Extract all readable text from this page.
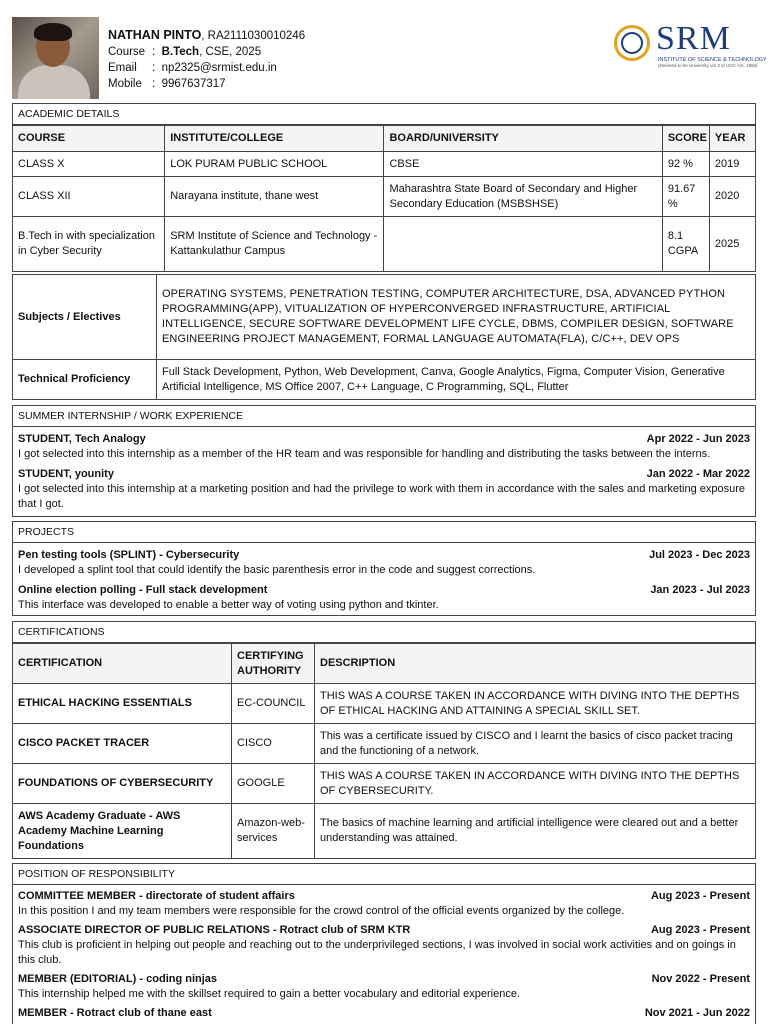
NATHAN PINTO, RA2111030010246
Course :  B.Tech, CSE, 2025
Email :  np2325@srmist.edu.in
Mobile :  9967637317
SRM
INSTITUTE OF SCIENCE & TECHNOLOGY
(Deemed to be University u/s 3 of UGC Act, 1956)
ACADEMIC DETAILS
COURSE	INSTITUTE/COLLEGE	BOARD/UNIVERSITY	SCORE	YEAR
CLASS X	LOK PURAM PUBLIC SCHOOL	CBSE	92 %	2019
CLASS XII	Narayana institute, thane west	Maharashtra State Board of Secondary and Higher Secondary Education (MSBSHSE)	91.67 %	2020
B.Tech in with specialization in Cyber Security	SRM Institute of Science and Technology - Kattankulathur Campus		8.1 CGPA	2025
Subjects / Electives	OPERATING SYSTEMS, PENETRATION TESTING, COMPUTER ARCHITECTURE, DSA, ADVANCED PYTHON PROGRAMMING(APP), VITUALIZATION OF HYPERCONVERGED INFRASTRUCTURE, ARTIFICIAL INTELLIGENCE, SECURE SOFTWARE DEVELOPMENT LIFE CYCLE, DBMS, COMPILER DESIGN, SOFTWARE ENGINEERING PROJECT MANAGEMENT, FORMAL LANGUAGE AUTOMATA(FLA), C/C++, DEV OPS
Technical Proficiency	Full Stack Development, Python, Web Development, Canva, Google Analytics, Figma, Computer Vision, Generative Artificial Intelligence, MS Office 2007, C++ Language, C Programming, SQL, Flutter
SUMMER INTERNSHIP / WORK EXPERIENCE
STUDENT, Tech Analogy	Apr 2022 - Jun 2023
I got selected into this internship as a member of the HR team and was responsible for handling and distributing the tasks between the interns.
STUDENT, younity	Jan 2022 - Mar 2022
I got selected into this internship at a marketing position and had the privilege to work with them in accordance with the sales and marketing exposure that I got.
PROJECTS
Pen testing tools (SPLINT) - Cybersecurity	Jul 2023 - Dec 2023
I developed a splint tool that could identify the basic parenthesis error in the code and suggest corrections.
Online election polling - Full stack development	Jan 2023 - Jul 2023
This interface was developed to enable a better way of voting using python and tkinter.
CERTIFICATIONS
CERTIFICATION	CERTIFYING AUTHORITY	DESCRIPTION
ETHICAL HACKING ESSENTIALS	EC-COUNCIL	THIS WAS A COURSE TAKEN IN ACCORDANCE WITH DIVING INTO THE DEPTHS OF ETHICAL HACKING AND ATTAINING A SPECIAL SKILL SET.
CISCO PACKET TRACER	CISCO	This was a certificate issued by CISCO and I learnt the basics of cisco packet tracing and the functioning of a network.
FOUNDATIONS OF CYBERSECURITY	GOOGLE	THIS WAS A COURSE TAKEN IN ACCORDANCE WITH DIVING INTO THE DEPTHS OF CYBERSECURITY.
AWS Academy Graduate - AWS Academy Machine Learning Foundations	Amazon-web-services	The basics of machine learning and artificial intelligence were cleared out and a better understanding was attained.
POSITION OF RESPONSIBILITY
COMMITTEE MEMBER - directorate of student affairs	Aug 2023 - Present
In this position I and my team members were responsible for the crowd control of the official events organized by the college.
ASSOCIATE DIRECTOR OF PUBLIC RELATIONS - Rotract club of SRM KTR	Aug 2023 - Present
This club is proficient in helping out people and reaching out to the underprivileged sections, I was involved in social work activities and on goings in this club.
MEMBER (EDITORIAL) - coding ninjas	Nov 2022 - Present
This internship helped me with the skillset required to gain a better vocabulary and editorial experience.
MEMBER - Rotract club of thane east	Nov 2021 - Jun 2022
